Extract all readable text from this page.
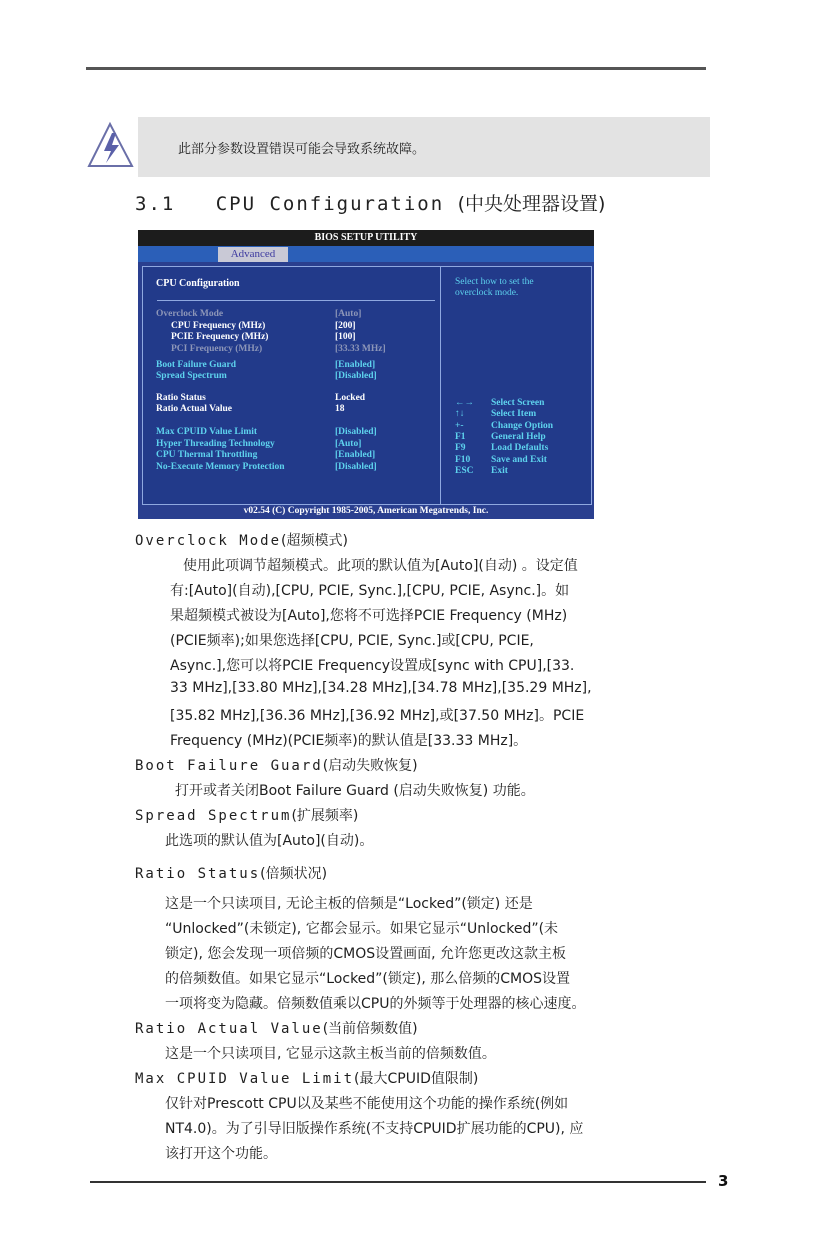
此部分参数设置错误可能会导致系统故障。
3.1 CPU Configuration (中央处理器设置)
BIOS SETUP UTILITY
Advanced
CPU Configuration
Overclock Mode	[Auto]
CPU Frequency (MHz)	[200]
PCIE Frequency (MHz)	[100]
PCI Frequency (MHz)	[33.33 MHz]
Boot Failure Guard	[Enabled]
Spread Spectrum	[Disabled]
Ratio Status	Locked
Ratio Actual Value	18
Max CPUID Value Limit	[Disabled]
Hyper Threading Technology	[Auto]
CPU Thermal Throttling	[Enabled]
No-Execute Memory Protection	[Disabled]
Select how to set the
overclock mode.
←→ Select Screen
↑↓	Select Item
+-	Change Option
F1	General Help
F9	Load Defaults
F10 Save and Exit
ESC Exit
v02.54 (C) Copyright 1985-2005, American Megatrends, Inc.
Overclock Mode(超频模式)
使用此项调节超频模式。此项的默认值为[Auto](自动) 。设定值
有:[Auto](自动),[CPU, PCIE, Sync.],[CPU, PCIE, Async.]。如
果超频模式被设为[Auto],您将不可选择PCIE Frequency (MHz)
(PCIE频率);如果您选择[CPU, PCIE, Sync.]或[CPU, PCIE,
Async.],您可以将PCIE Frequency设置成[sync with CPU],[33.
33 MHz],[33.80 MHz],[34.28 MHz],[34.78 MHz],[35.29 MHz],
[35.82 MHz],[36.36 MHz],[36.92 MHz],或[37.50 MHz]。PCIE
Frequency (MHz)(PCIE频率)的默认值是[33.33 MHz]。
Boot Failure Guard(启动失败恢复)
打开或者关闭Boot Failure Guard (启动失败恢复) 功能。
Spread Spectrum(扩展频率)
此选项的默认值为[Auto](自动)。
Ratio Status(倍频状况)
这是一个只读项目, 无论主板的倍频是“Locked”(锁定) 还是
“Unlocked”(未锁定), 它都会显示。如果它显示“Unlocked”(未
锁定), 您会发现一项倍频的CMOS设置画面, 允许您更改这款主板
的倍频数值。如果它显示“Locked”(锁定), 那么倍频的CMOS设置
一项将变为隐藏。倍频数值乘以CPU的外频等于处理器的核心速度。
Ratio Actual Value(当前倍频数值)
这是一个只读项目, 它显示这款主板当前的倍频数值。
Max CPUID Value Limit(最大CPUID值限制)
仅针对Prescott CPU以及某些不能使用这个功能的操作系统(例如
NT4.0)。为了引导旧版操作系统(不支持CPUID扩展功能的CPU), 应
该打开这个功能。
3
